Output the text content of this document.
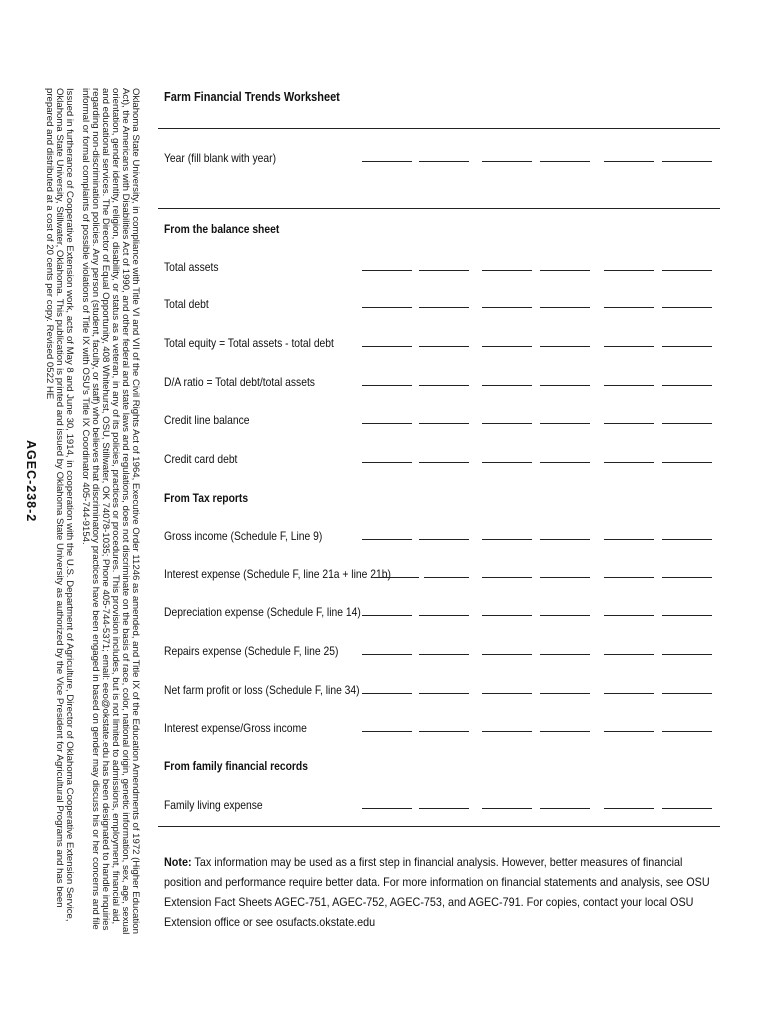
Oklahoma State University, in compliance with Title VI and VII of the Civil Rights Act of 1964, Executive Order 11246 as amended, and Title IX of the Education Amendments of 1972 (Higher Education Act), the Americans with Disabilities Act of 1990, and other federal and state laws and regulations, does not discriminate on the basis of race, color, national origin, genetic information, sex, age, sexual orientation, gender identity, religion, disability, or status as a veteran, in any of its policies, practices or procedures. This provision includes, but is not limited to admissions, employment, financial aid, and educational services. The Director of Equal Opportunity, 408 Whitehurst, OSU, Stillwater, OK 74078-1035; Phone 405-744-5371; email: eeo@okstate.edu has been designated to handle inquiries regarding non-discrimination policies. Any person (student, faculty, or staff) who believes that discriminatory practices have been engaged in based on gender may discuss his or her concerns and file informal or formal complaints of possible violations of Title IX with OSU's Title IX Coordinator 405-744-9154.

Issued in furtherance of Cooperative Extension work, acts of May 8 and June 30, 1914, in cooperation with the U.S. Department of Agriculture, Director of Oklahoma Cooperative Extension Service, Oklahoma State University, Stillwater, Oklahoma. This publication is printed and issued by Oklahoma State University as authorized by the Vice President for Agricultural Programs and has been prepared and distributed at a cost of 20 cents per copy. Revised 0522 HE

AGEC-238-2
Farm Financial Trends Worksheet
Year (fill blank with year)
From the balance sheet
Total assets
Total debt
Total equity = Total assets - total debt
D/A ratio = Total debt/total assets
Credit line balance
Credit card debt
From Tax reports
Gross income (Schedule F, Line 9)
Interest expense (Schedule F, line 21a + line 21b)
Depreciation expense (Schedule F, line 14)
Repairs expense (Schedule F, line 25)
Net farm profit or loss (Schedule F, line 34)
Interest expense/Gross income
From family financial records
Family living expense
Note: Tax information may be used as a first step in financial analysis. However, better measures of financial position and performance require better data. For more information on financial statements and analysis, see OSU Extension Fact Sheets AGEC-751, AGEC-752, AGEC-753, and AGEC-791. For copies, contact your local OSU Extension office or see osufacts.okstate.edu
